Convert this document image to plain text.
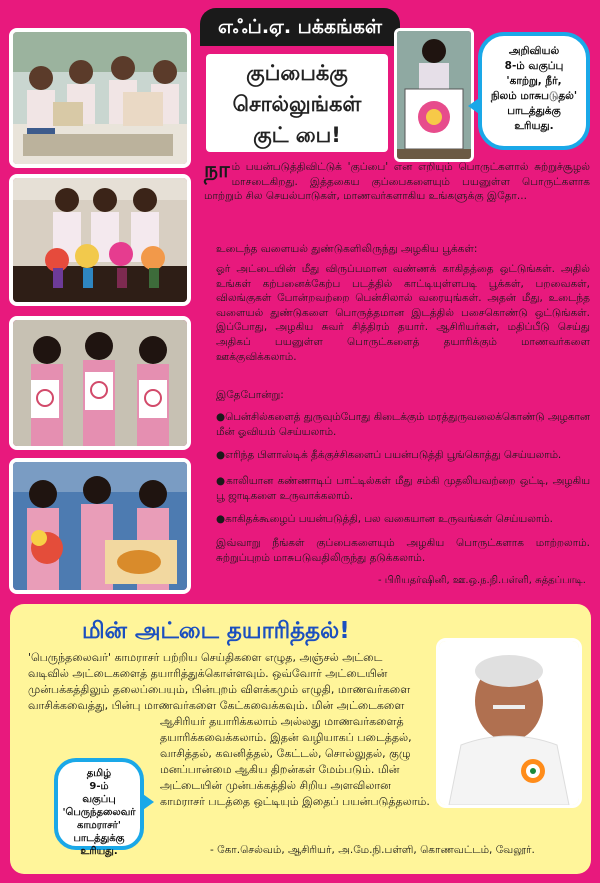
எஃப்.ஏ. பக்கங்கள்
அறிவியல்
8-ம் வகுப்பு
'காற்று, நீர்,
நிலம் மாசுபடுதல்'
பாடத்துக்கு
உரியது.
குப்பைக்கு
சொல்லுங்கள்
குட் பை!
நாம் பயன்படுத்திவிட்டுக் 'குப்பை' என எறியும் பொருட்களால் சுற்றுச்சூழல் மாசடைகிறது. இத்தகைய குப்பைகளையும் பயனுள்ள பொருட்களாக மாற்றும் சில செயல்பாடுகள், மாணவர்களாகிய உங்களுக்கு இதோ...
உடைந்த வளையல் துண்டுகளிலிருந்து அழகிய பூக்கள்:
ஓர் அட்டையின் மீது விருப்பமான வண்ணக் காகிதத்தை ஒட்டுங்கள். அதில் உங்கள் கற்பனைக்கேற்ப படத்தில் காட்டியுள்ளபடி பூக்கள், பறவைகள், விலங்குகள் போன்றவற்றை பென்சிலால் வரையுங்கள். அதன் மீது, உடைந்த வளையல் துண்டுகளை பொருத்தமான இடத்தில் பசைகொண்டு ஒட்டுங்கள். இப்போது, அழகிய சுவர் சித்திரம் தயார். ஆசிரியர்கள், மதிப்பீடு செய்து அதிகப் பயனுள்ள பொருட்களைத் தயாரிக்கும் மாணவர்களை ஊக்குவிக்கலாம்.
இதேபோன்று:
●பென்சில்களைத் துருவும்போது கிடைக்கும் மரத்துருவலைக்கொண்டு அழகான மீன் ஓவியம் செய்யலாம்.
●எரிந்த பிளாஸ்டிக் தீக்குச்சிகளைப் பயன்படுத்தி பூங்கொத்து செய்யலாம்.
●காலியான கண்ணாடிப் பாட்டில்கள் மீது சம்கி முதலியவற்றை ஒட்டி, அழகிய பூ ஜாடிகளை உருவாக்கலாம்.
●காகிதக்கூழைப் பயன்படுத்தி, பல வகையான உருவங்கள் செய்யலாம்.
இவ்வாறு நீங்கள் குப்பைகளையும் அழகிய பொருட்களாக மாற்றலாம். சுற்றுப்புறம் மாசுபடுவதிலிருந்து தடுக்கலாம்.
- பிரியதர்ஷினி, ஊ.ஒ.ந.நி.பள்ளி, சுத்தப்பாடி.
மின் அட்டை தயாரித்தல்!
'பெருந்தலைவர்' காமராசர் பற்றிய செய்திகளை எழுத, அஞ்சல் அட்டை
வடிவில் அட்டைகளைத் தயாரித்துக்கொள்ளவும். ஒவ்வோர் அட்டையின்
முன்பக்கத்திலும் தலைப்பையும், பின்புறம் விளக்கமும் எழுதி, மாணவர்களை
வாசிக்கவைத்து, பின்பு மாணவர்களை கேட்கவைக்கவும். மின் அட்டைகளை
ஆசிரியர் தயாரிக்கலாம் அல்லது மாணவர்களைத்
தயாரிக்கவைக்கலாம். இதன் வழியாகப் படைத்தல்,
வாசித்தல், கவனித்தல், கேட்டல், சொல்லுதல், குழு
மனப்பான்மை ஆகிய திறன்கள் மேம்படும். மின்
அட்டையின் முன்பக்கத்தில் சிறிய அளவிலான
காமராசர் படத்தை ஒட்டியும் இதைப் பயன்படுத்தலாம்.
தமிழ்
9-ம்
வகுப்பு
'பெருந்தலைவர்
காமராசர்'
பாடத்துக்கு உரியது.	- கோ.செல்வம், ஆசிரியர், அ.மே.நி.பள்ளி, கொணவட்டம், வேலூர்.
